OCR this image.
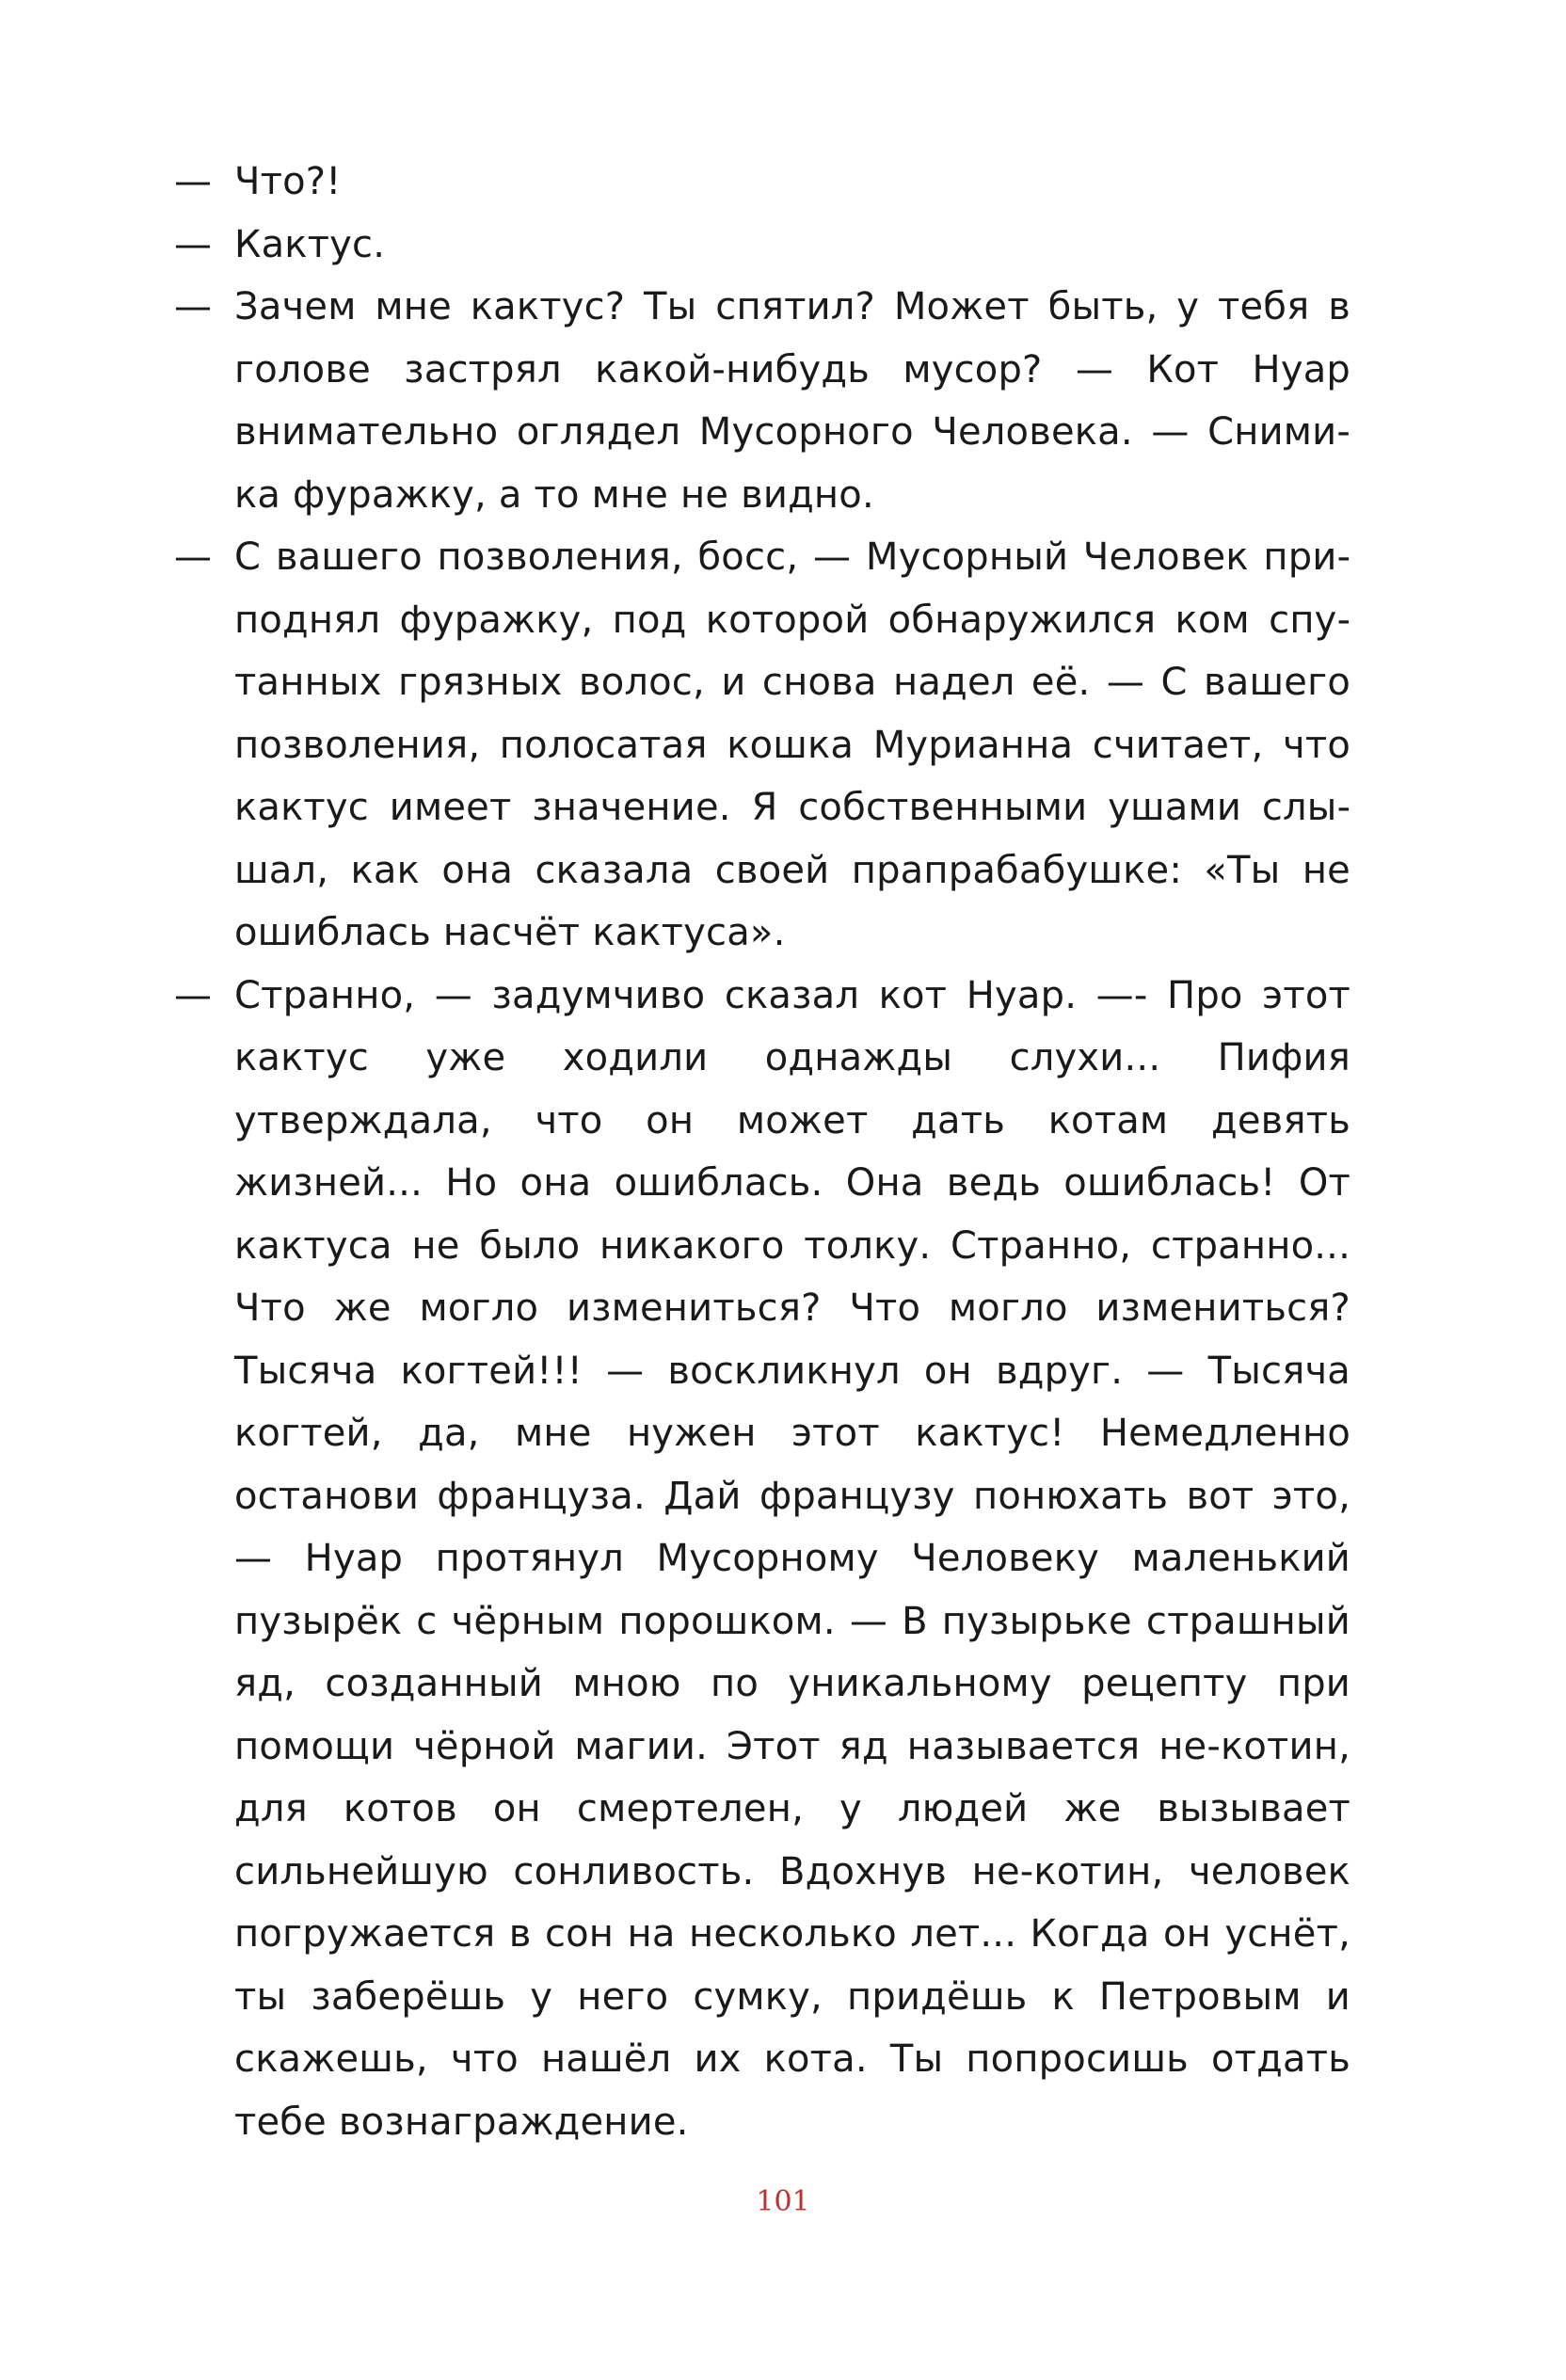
— Что?!
— Кактус.
— Зачем мне кактус? Ты спятил? Может быть, у тебя в голове застрял какой-нибудь мусор? — Кот Нуар внимательно оглядел Мусорного Человека. — Сними-ка фуражку, а то мне не видно.
— С вашего позволения, босс, — Мусорный Человек приподнял фуражку, под которой обнаружился ком спутанных грязных волос, и снова надел её. — С вашего позволения, полосатая кошка Мурианна считает, что кактус имеет значение. Я собственными ушами слышал, как она сказала своей прапрабабушке: «Ты не ошиблась насчёт кактуса».
— Странно, — задумчиво сказал кот Нуар. —- Про этот кактус уже ходили однажды слухи... Пифия утверждала, что он может дать котам девять жизней... Но она ошиблась. Она ведь ошиблась! От кактуса не было никакого толку. Странно, странно... Что же могло измениться? Что могло измениться? Тысяча когтей!!! — воскликнул он вдруг. — Тысяча когтей, да, мне нужен этот кактус! Немедленно останови француза. Дай французу понюхать вот это, — Нуар протянул Мусорному Человеку маленький пузырёк с чёрным порошком. — В пузырьке страшный яд, созданный мною по уникальному рецепту при помощи чёрной магии. Этот яд называется не-котин, для котов он смертелен, у людей же вызывает сильнейшую сонливость. Вдохнув не-котин, человек погружается в сон на несколько лет... Когда он уснёт, ты заберёшь у него сумку, придёшь к Петровым и скажешь, что нашёл их кота. Ты попросишь отдать тебе вознаграждение.
101
